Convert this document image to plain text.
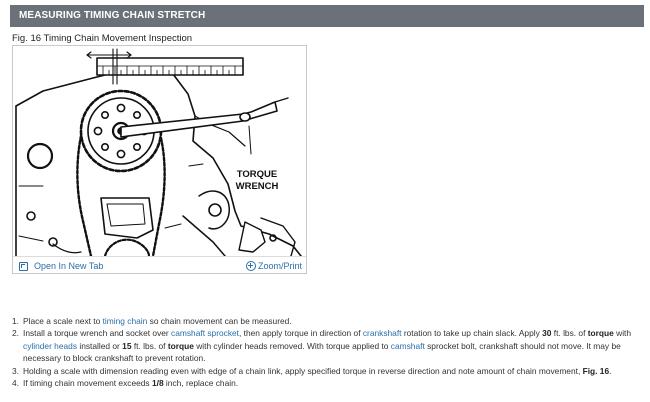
MEASURING TIMING CHAIN STRETCH
Fig. 16 Timing Chain Movement Inspection
TORQUE
WRENCH
Open In New Tab	Zoom/Print
1. Place a scale next to timing chain so chain movement can be measured.
2. Install a torque wrench and socket over camshaft sprocket, then apply torque in direction of crankshaft rotation to take up chain slack. Apply 30 ft. lbs. of torque with cylinder heads installed or 15 ft. lbs. of torque with cylinder heads removed. With torque applied to camshaft sprocket bolt, crankshaft should not move. It may be necessary to block crankshaft to prevent rotation.
3. Holding a scale with dimension reading even with edge of a chain link, apply specified torque in reverse direction and note amount of chain movement, Fig. 16.
4. If timing chain movement exceeds 1/8 inch, replace chain.
